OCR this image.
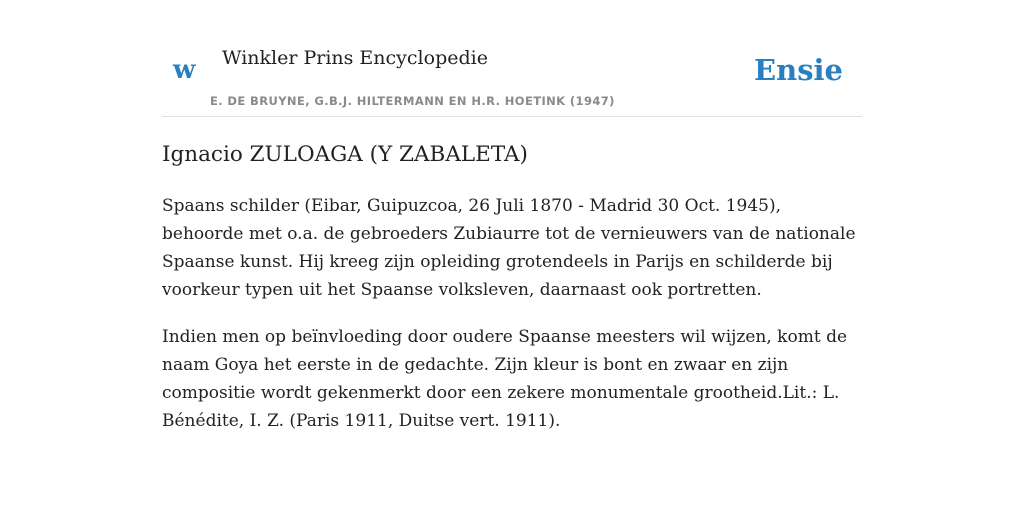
w Winkler Prins Encyclopedie
E. DE BRUYNE, G.B.J. HILTERMANN EN H.R. HOETINK (1947)
Ensie
Ignacio ZULOAGA (Y ZABALETA)

Spaans schilder (Eibar, Guipuzcoa, 26 Juli 1870 - Madrid 30 Oct. 1945), behoorde met o.a. de gebroeders Zubiaurre tot de vernieuwers van de nationale Spaanse kunst. Hij kreeg zijn opleiding grotendeels in Parijs en schilderde bij voorkeur typen uit het Spaanse volksleven, daarnaast ook portretten.

Indien men op beïnvloeding door oudere Spaanse meesters wil wijzen, komt de naam Goya het eerste in de gedachte. Zijn kleur is bont en zwaar en zijn compositie wordt gekenmerkt door een zekere monumentale grootheid.Lit.: L. Bénédite, I. Z. (Paris 1911, Duitse vert. 1911).
